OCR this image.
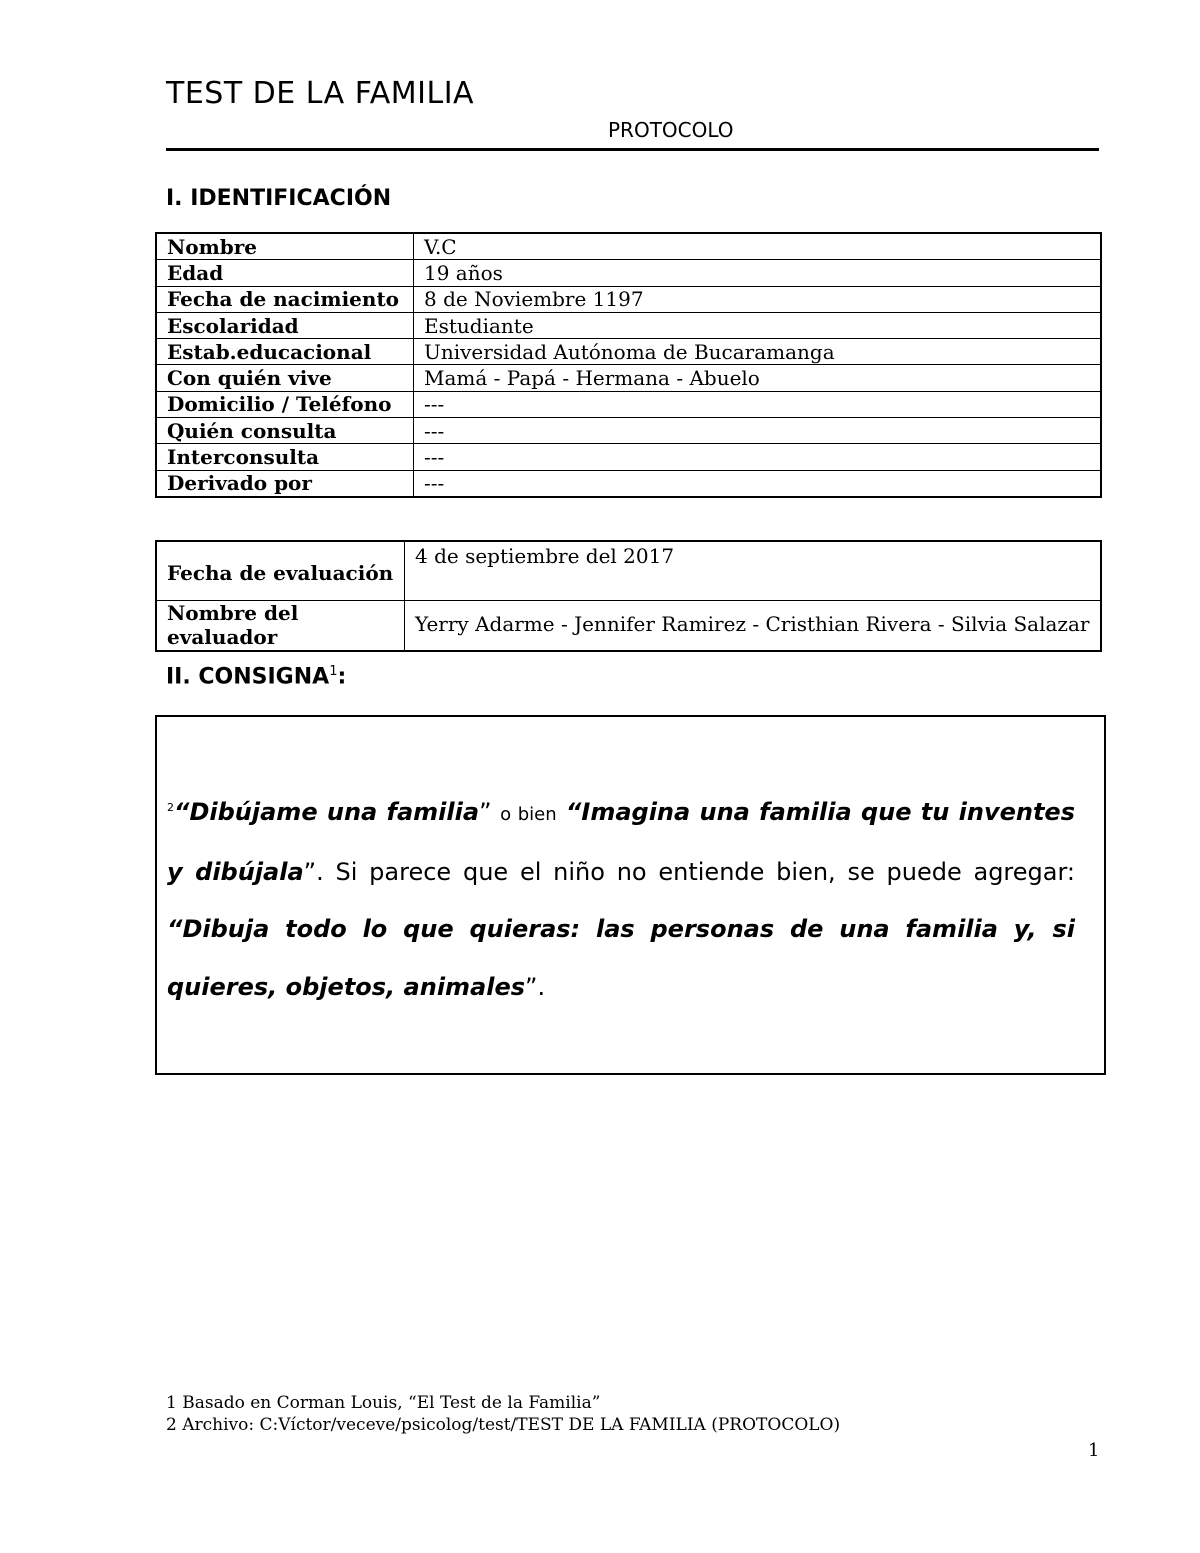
TEST DE LA FAMILIA
PROTOCOLO
I. IDENTIFICACIÓN
Nombre	V.C
Edad	19 años
Fecha de nacimiento	8 de Noviembre 1197
Escolaridad	Estudiante
Estab.educacional	Universidad Autónoma de Bucaramanga
Con quién vive	Mamá - Papá - Hermana - Abuelo
Domicilio / Teléfono	---
Quién consulta	---
Interconsulta	---
Derivado por	---
Fecha de evaluación	4 de septiembre del 2017
Nombre del evaluador	Yerry Adarme - Jennifer Ramirez - Cristhian Rivera - Silvia Salazar
II. CONSIGNA$^1$:
$^2$“Dibújame una familia” o bien “Imagina una familia que tu inventes y dibújala”. Si parece que el niño no entiende bien, se puede agregar: “Dibuja todo lo que quieras: las personas de una familia y, si quieres, objetos, animales”.
1 Basado en Corman Louis, “El Test de la Familia”
2 Archivo: C:Víctor/veceve/psicolog/test/TEST DE LA FAMILIA (PROTOCOLO)
1
